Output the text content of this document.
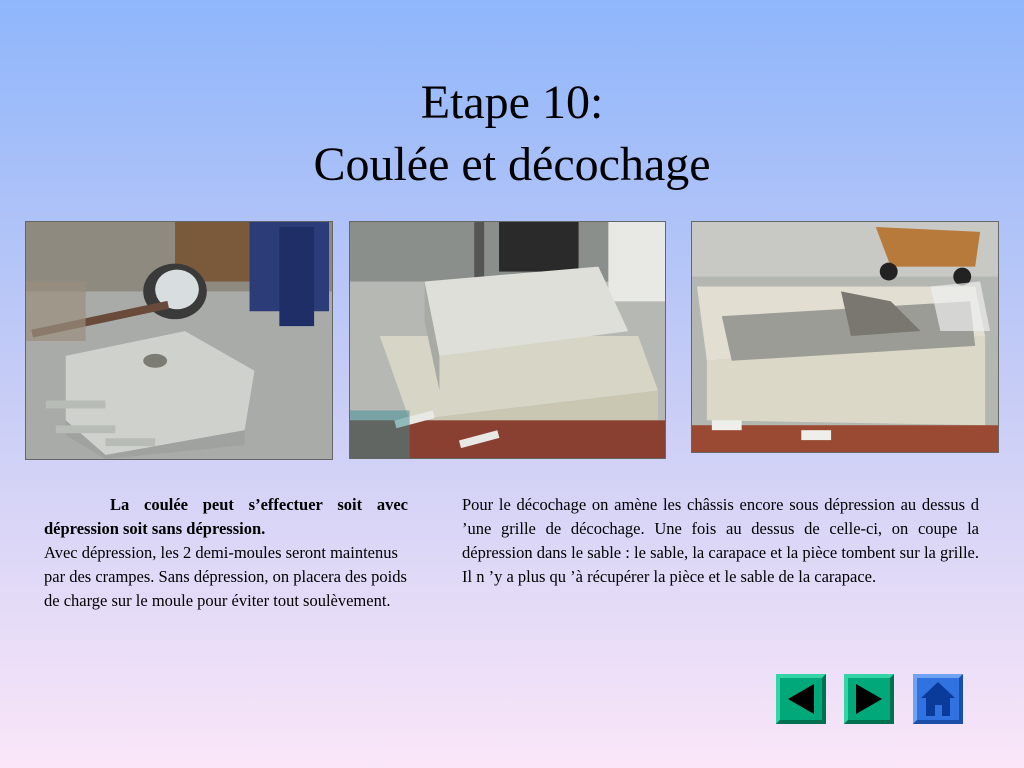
Etape 10:
Coulée et décochage
La coulée peut s’effectuer soit avec dépression soit sans dépression.
Avec dépression, les 2 demi-moules seront maintenus par des crampes. Sans dépression, on placera des poids de charge sur le moule pour éviter tout soulèvement.
Pour le décochage on amène les châssis encore sous dépression au dessus d ’une grille de décochage. Une fois au dessus de celle-ci, on coupe la dépression dans le sable : le sable, la carapace et la pièce tombent sur la grille. Il n ’y a plus qu ’à récupérer la pièce et le sable de la carapace.
